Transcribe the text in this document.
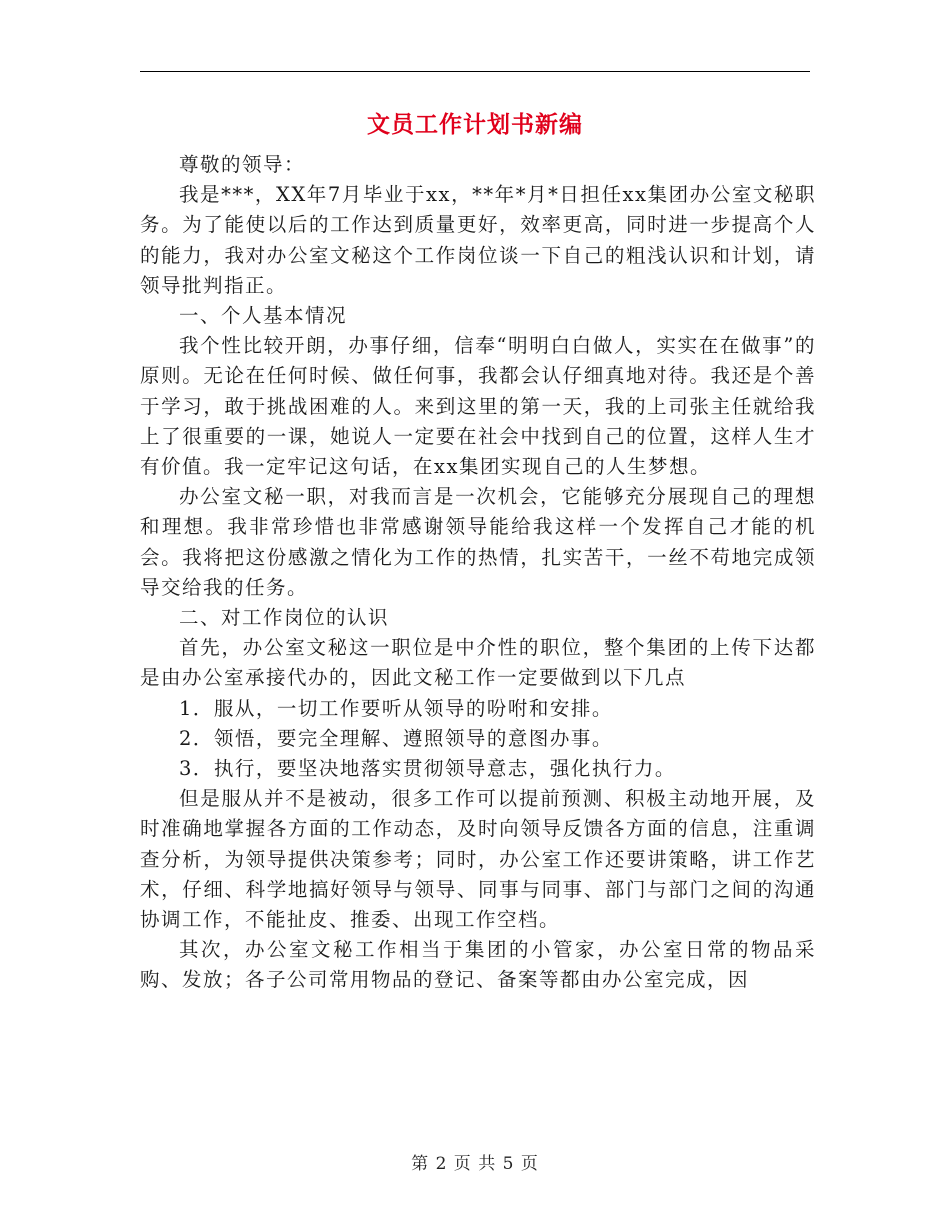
文员工作计划书新编

尊敬的领导：

我是***，XX年7月毕业于xx，**年*月*日担任xx集团办公室文秘职务。为了能使以后的工作达到质量更好，效率更高，同时进一步提高个人的能力，我对办公室文秘这个工作岗位谈一下自己的粗浅认识和计划，请领导批判指正。

一、个人基本情况

我个性比较开朗，办事仔细，信奉“明明白白做人，实实在在做事”的原则。无论在任何时候、做任何事，我都会认仔细真地对待。我还是个善于学习，敢于挑战困难的人。来到这里的第一天，我的上司张主任就给我上了很重要的一课，她说人一定要在社会中找到自己的位置，这样人生才有价值。我一定牢记这句话，在xx集团实现自己的人生梦想。

办公室文秘一职，对我而言是一次机会，它能够充分展现自己的理想和理想。我非常珍惜也非常感谢领导能给我这样一个发挥自己才能的机会。我将把这份感激之情化为工作的热情，扎实苦干，一丝不苟地完成领导交给我的任务。

二、对工作岗位的认识

首先，办公室文秘这一职位是中介性的职位，整个集团的上传下达都是由办公室承接代办的，因此文秘工作一定要做到以下几点

1．服从，一切工作要听从领导的吩咐和安排。

2．领悟，要完全理解、遵照领导的意图办事。

3．执行，要坚决地落实贯彻领导意志，强化执行力。

但是服从并不是被动，很多工作可以提前预测、积极主动地开展，及时准确地掌握各方面的工作动态，及时向领导反馈各方面的信息，注重调查分析，为领导提供决策参考；同时，办公室工作还要讲策略，讲工作艺术，仔细、科学地搞好领导与领导、同事与同事、部门与部门之间的沟通协调工作，不能扯皮、推委、出现工作空档。

其次，办公室文秘工作相当于集团的小管家，办公室日常的物品采购、发放；各子公司常用物品的登记、备案等都由办公室完成，因

第 2 页 共 5 页
